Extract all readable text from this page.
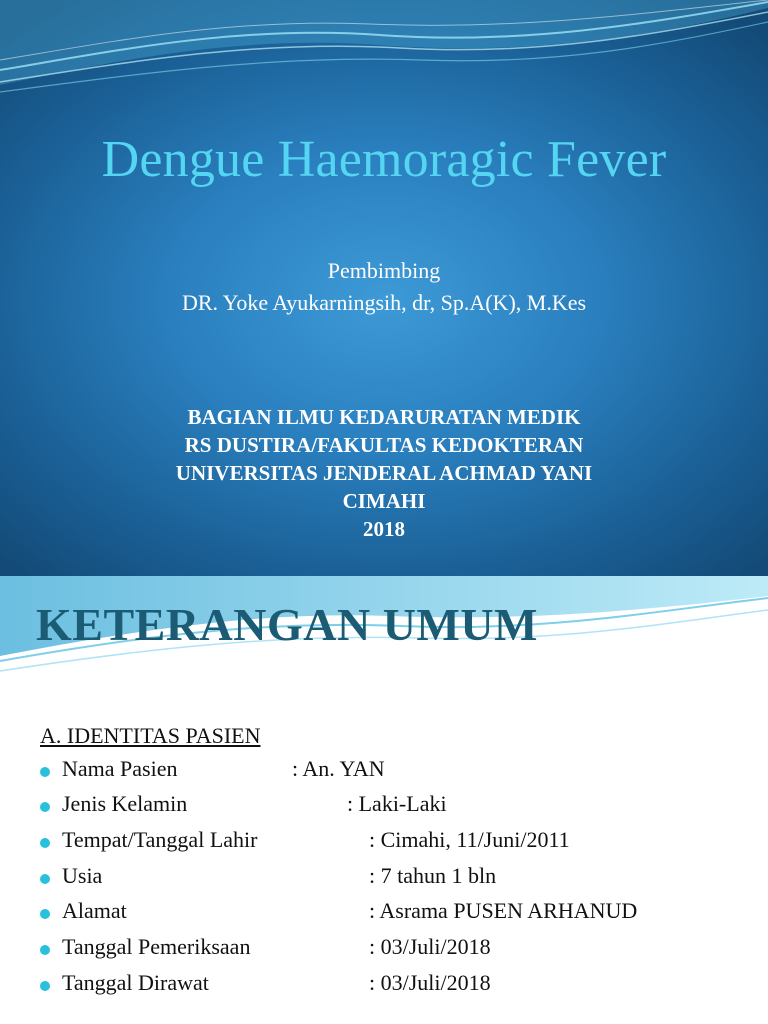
Dengue Haemoragic Fever
Pembimbing
DR. Yoke Ayukarningsih, dr, Sp.A(K), M.Kes
BAGIAN ILMU KEDARURATAN MEDIK
RS DUSTIRA/FAKULTAS KEDOKTERAN
UNIVERSITAS JENDERAL ACHMAD YANI
CIMAHI
2018
KETERANGAN UMUM
A. IDENTITAS PASIEN
Nama Pasien	: An. YAN
Jenis Kelamin	: Laki-Laki
Tempat/Tanggal Lahir	: Cimahi, 11/Juni/2011
Usia	: 7 tahun 1 bln
Alamat	: Asrama PUSEN ARHANUD
Tanggal Pemeriksaan	: 03/Juli/2018
Tanggal Dirawat	: 03/Juli/2018
